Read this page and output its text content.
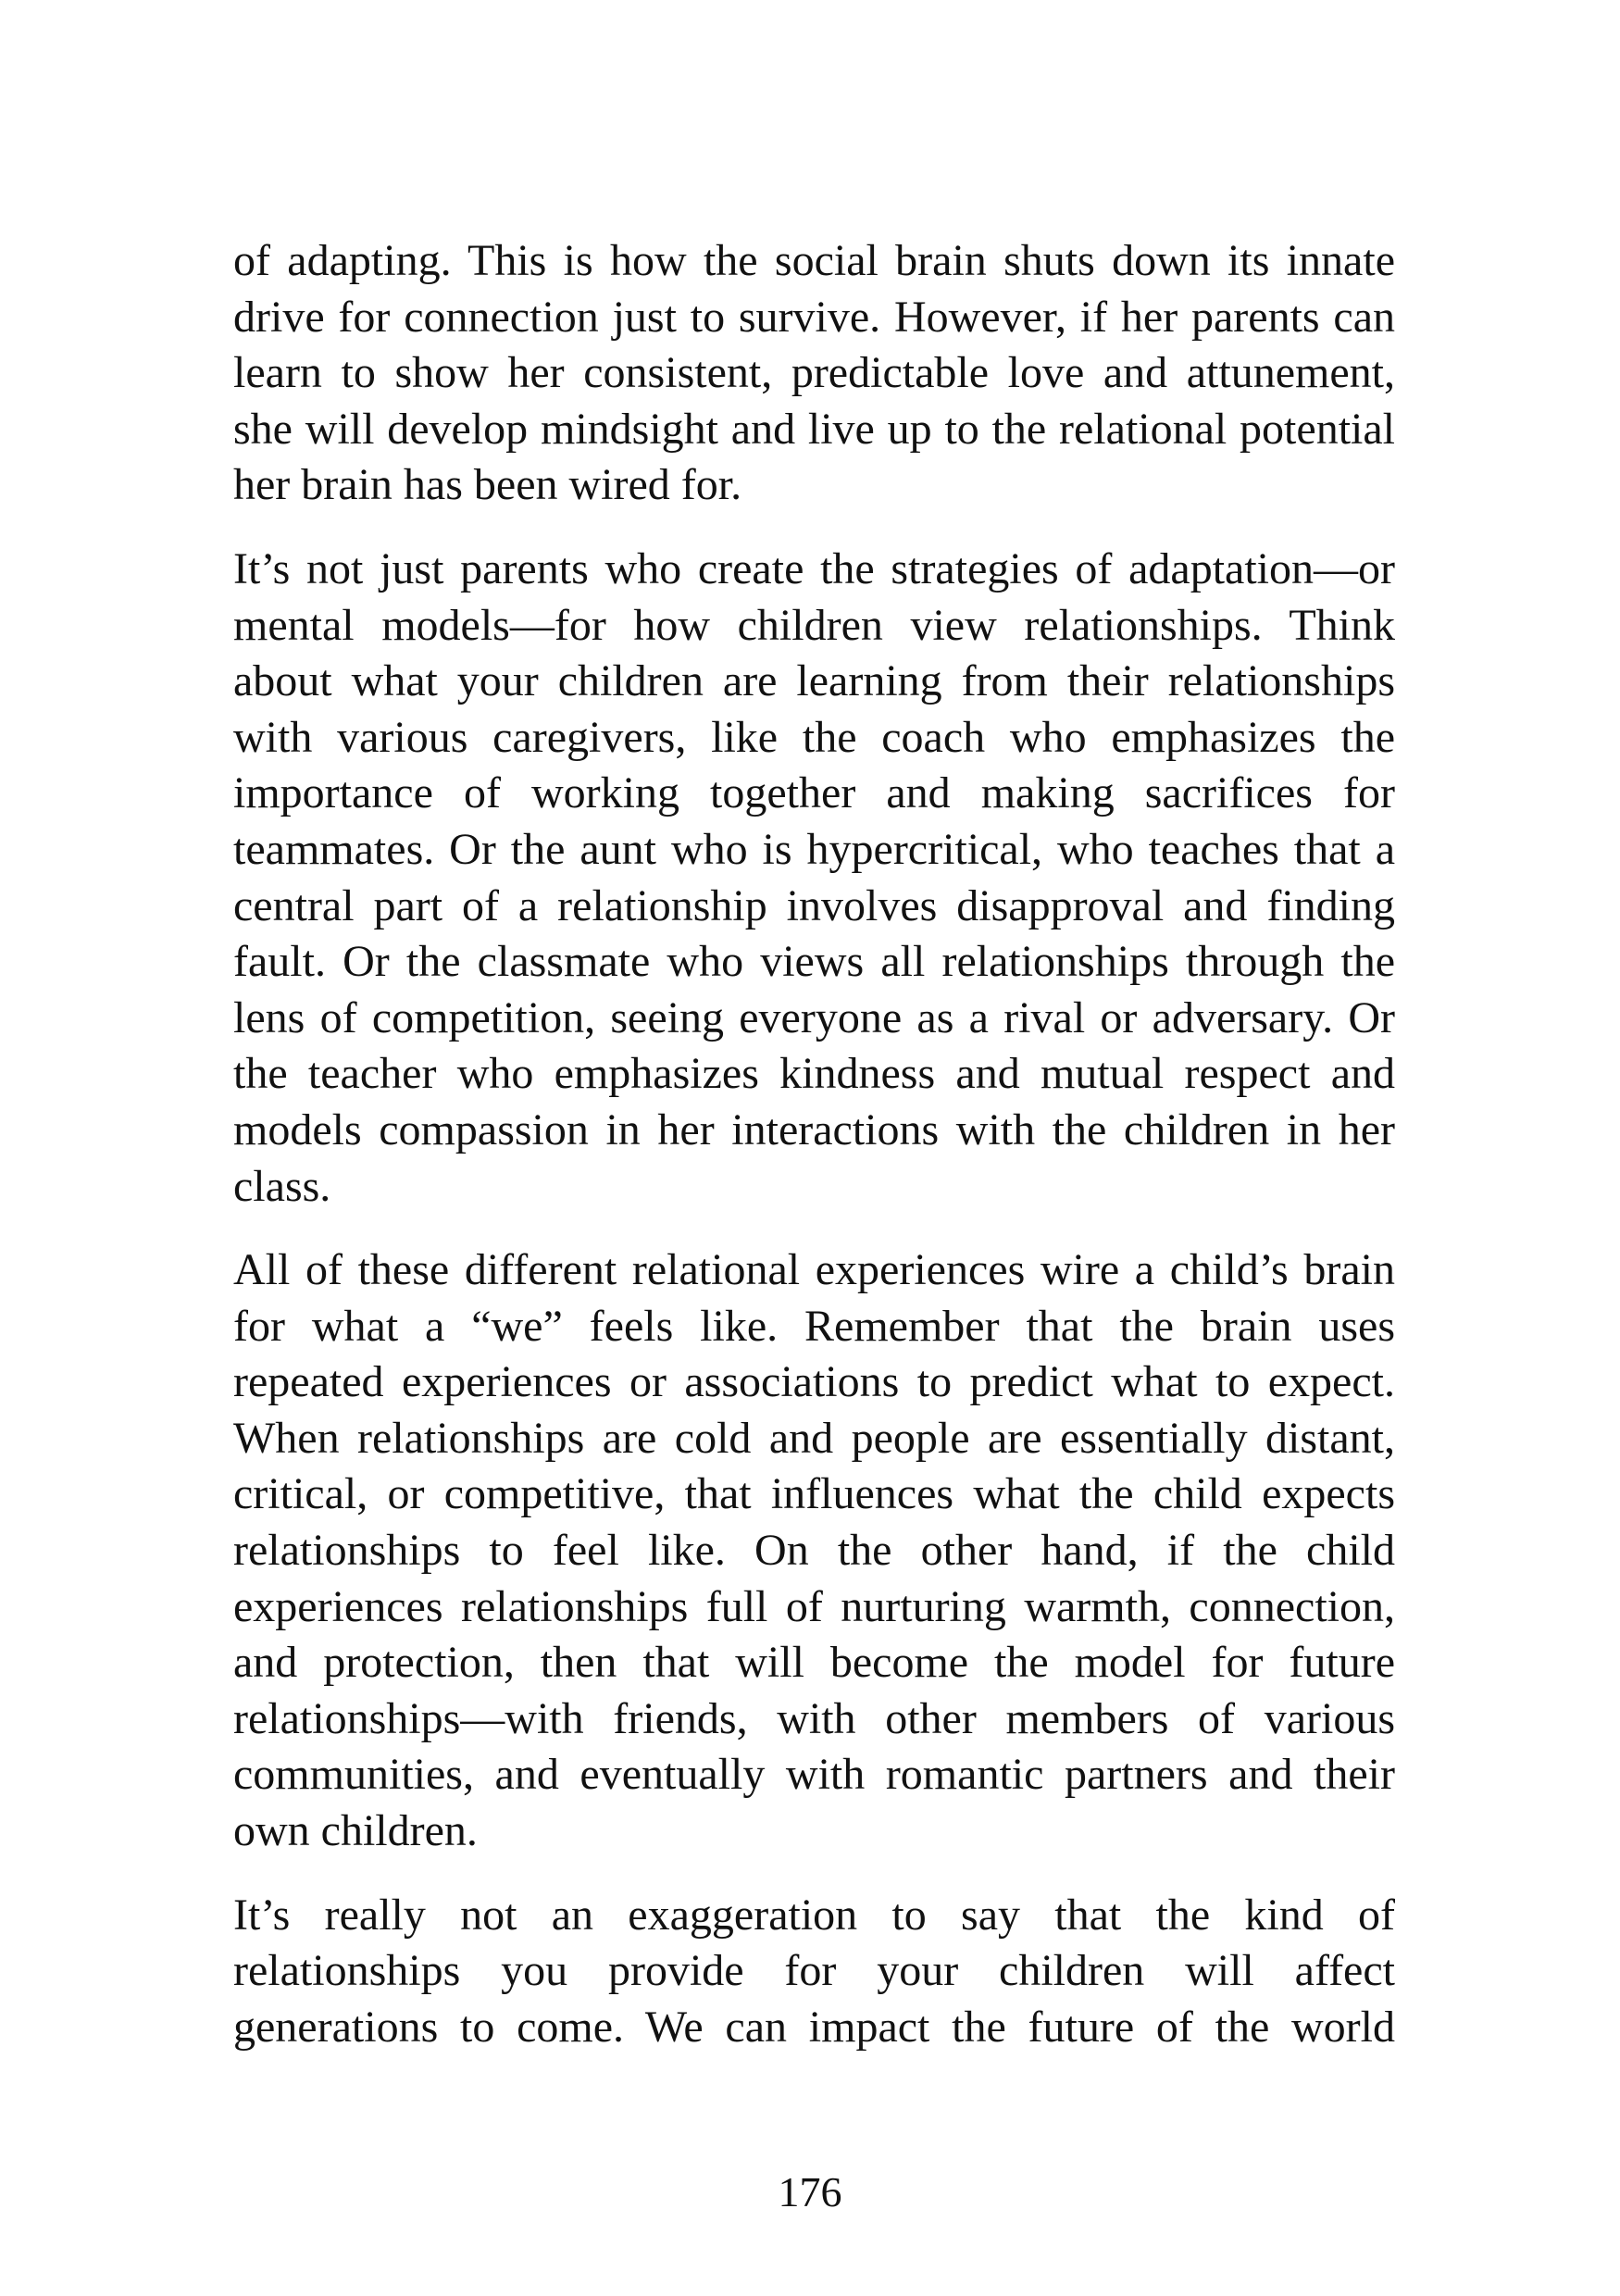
of adapting. This is how the social brain shuts down its innate drive for connection just to survive. However, if her parents can learn to show her consistent, predictable love and attunement, she will develop mindsight and live up to the relational potential her brain has been wired for.

It’s not just parents who create the strategies of adaptation—or mental models—for how children view relationships. Think about what your children are learning from their relationships with various caregivers, like the coach who emphasizes the importance of working together and making sacrifices for teammates. Or the aunt who is hypercritical, who teaches that a central part of a relationship involves disapproval and finding fault. Or the classmate who views all relationships through the lens of competition, seeing everyone as a rival or adversary. Or the teacher who emphasizes kindness and mutual respect and models compassion in her interactions with the children in her class.

All of these different relational experiences wire a child’s brain for what a “we” feels like. Remember that the brain uses repeated experiences or associations to predict what to expect. When relationships are cold and people are essentially distant, critical, or competitive, that influences what the child expects relationships to feel like. On the other hand, if the child experiences relationships full of nurturing warmth, connection, and protection, then that will become the model for future relationships—with friends, with other members of various communities, and eventually with romantic partners and their own children.

It’s really not an exaggeration to say that the kind of relationships you provide for your children will affect generations to come. We can impact the future of the world

176
